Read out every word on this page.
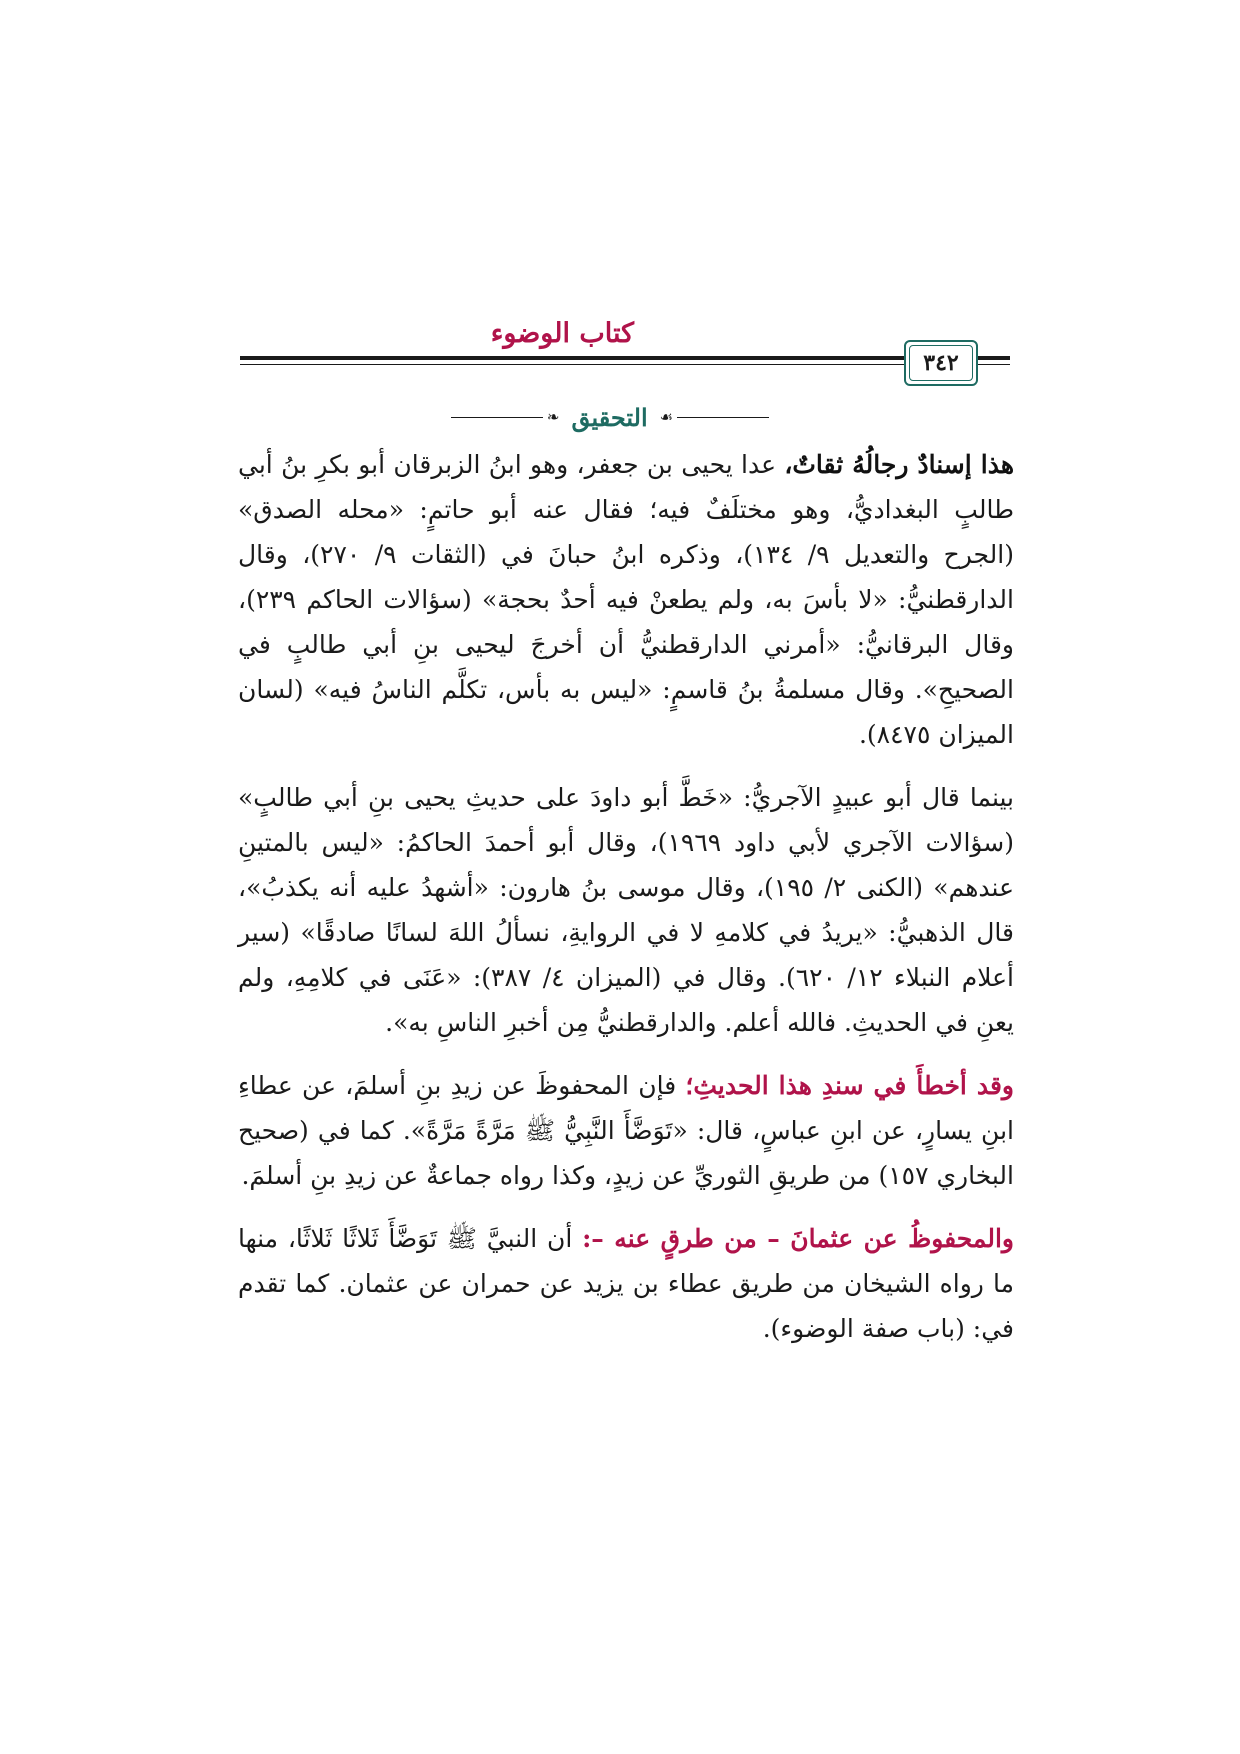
كتاب الوضوء
٣٤٢
☙
التحقيق
❧

هذا إسنادٌ رجالُهُ ثقاتٌ، عدا يحيى بن جعفر، وهو ابنُ الزبرقان أبو بكرِ بنُ أبي طالبٍ البغداديُّ، وهو مختلَفٌ فيه؛ فقال عنه أبو حاتمٍ: «محله الصدق» (الجرح والتعديل ٩/ ١٣٤)، وذكره ابنُ حبانَ في (الثقات ٩/ ٢٧٠)، وقال الدارقطنيُّ: «لا بأسَ به، ولم يطعنْ فيه أحدٌ بحجة» (سؤالات الحاكم ٢٣٩)، وقال البرقانيُّ: «أمرني الدارقطنيُّ أن أخرجَ ليحيى بنِ أبي طالبٍ في الصحيحِ». وقال مسلمةُ بنُ قاسمٍ: «ليس به بأس، تكلَّم الناسُ فيه» (لسان الميزان ٨٤٧٥).

بينما قال أبو عبيدٍ الآجريُّ: «خَطَّ أبو داودَ على حديثِ يحيى بنِ أبي طالبٍ» (سؤالات الآجري لأبي داود ١٩٦٩)، وقال أبو أحمدَ الحاكمُ: «ليس بالمتينِ عندهم» (الكنى ٢/ ١٩٥)، وقال موسى بنُ هارون: «أشهدُ عليه أنه يكذبُ»، قال الذهبيُّ: «يريدُ في كلامهِ لا في الروايةِ، نسألُ اللهَ لسانًا صادقًا» (سير أعلام النبلاء ١٢/ ٦٢٠). وقال في (الميزان ٤/ ٣٨٧): «عَنَى في كلامِهِ، ولم يعنِ في الحديثِ. فالله أعلم. والدارقطنيُّ مِن أخبرِ الناسِ به».

وقد أخطأَ في سندِ هذا الحديثِ؛ فإن المحفوظَ عن زيدِ بنِ أسلمَ، عن عطاءِ ابنِ يسارٍ، عن ابنِ عباسٍ، قال: «تَوَضَّأَ النَّبِيُّ ﷺ مَرَّةً مَرَّةً». كما في (صحيح البخاري ١٥٧) من طريقِ الثوريِّ عن زيدٍ، وكذا رواه جماعةٌ عن زيدِ بنِ أسلمَ.

والمحفوظُ عن عثمانَ – من طرقٍ عنه –: أن النبيَّ ﷺ تَوَضَّأَ ثَلاثًا ثَلاثًا، منها ما رواه الشيخان من طريق عطاء بن يزيد عن حمران عن عثمان. كما تقدم في: (باب صفة الوضوء).
